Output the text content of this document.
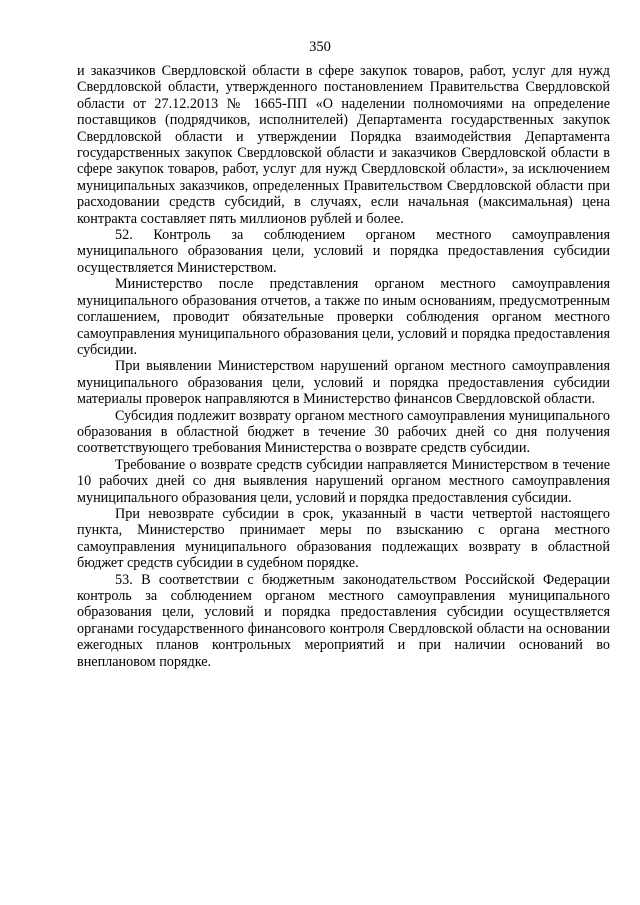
350

и заказчиков Свердловской области в сфере закупок товаров, работ, услуг для нужд Свердловской области, утвержденного постановлением Правительства Свердловской области от 27.12.2013 № 1665-ПП «О наделении полномочиями на определение поставщиков (подрядчиков, исполнителей) Департамента государственных закупок Свердловской области и утверждении Порядка взаимодействия Департамента государственных закупок Свердловской области и заказчиков Свердловской области в сфере закупок товаров, работ, услуг для нужд Свердловской области», за исключением муниципальных заказчиков, определенных Правительством Свердловской области при расходовании средств субсидий, в случаях, если начальная (максимальная) цена контракта составляет пять миллионов рублей и более.

52. Контроль за соблюдением органом местного самоуправления муниципального образования цели, условий и порядка предоставления субсидии осуществляется Министерством.

Министерство после представления органом местного самоуправления муниципального образования отчетов, а также по иным основаниям, предусмотренным соглашением, проводит обязательные проверки соблюдения органом местного самоуправления муниципального образования цели, условий и порядка предоставления субсидии.

При выявлении Министерством нарушений органом местного самоуправления муниципального образования цели, условий и порядка предоставления субсидии материалы проверок направляются в Министерство финансов Свердловской области.

Субсидия подлежит возврату органом местного самоуправления муниципального образования в областной бюджет в течение 30 рабочих дней со дня получения соответствующего требования Министерства о возврате средств субсидии.

Требование о возврате средств субсидии направляется Министерством в течение 10 рабочих дней со дня выявления нарушений органом местного самоуправления муниципального образования цели, условий и порядка предоставления субсидии.

При невозврате субсидии в срок, указанный в части четвертой настоящего пункта, Министерство принимает меры по взысканию с органа местного самоуправления муниципального образования подлежащих возврату в областной бюджет средств субсидии в судебном порядке.

53. В соответствии с бюджетным законодательством Российской Федерации контроль за соблюдением органом местного самоуправления муниципального образования цели, условий и порядка предоставления субсидии осуществляется органами государственного финансового контроля Свердловской области на основании ежегодных планов контрольных мероприятий и при наличии оснований во внеплановом порядке.
